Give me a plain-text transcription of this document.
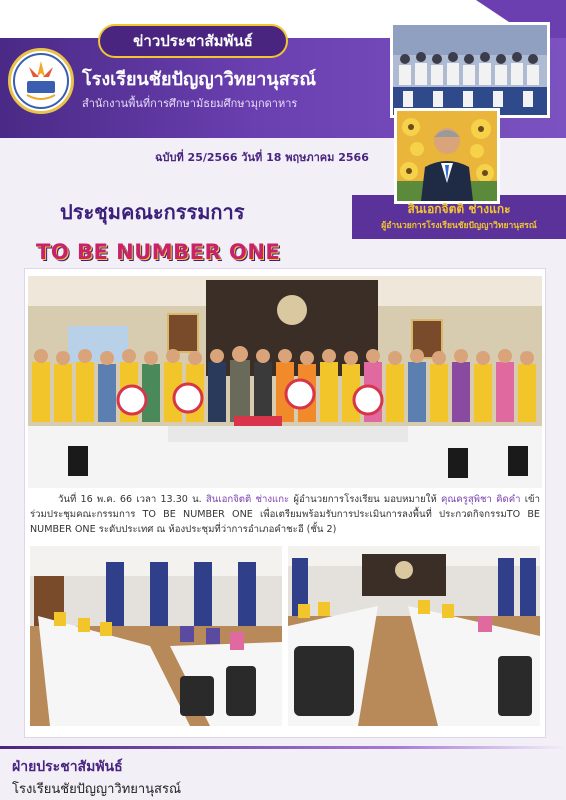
ข่าวประชาสัมพันธ์
โรงเรียนชัยปัญญาวิทยานุสรณ์
สำนักงานพื้นที่การศึกษามัธยมศึกษามุกดาหาร
ฉบับที่ 25/2566 วันที่ 18 พฤษภาคม 2566
สินเอกจิตติ ช่างแกะ
ผู้อำนวยการโรงเรียนชัยปัญญาวิทยานุสรณ์
ประชุมคณะกรรมการ
TO BE NUMBER ONE

วันที่ 16 พ.ค. 66 เวลา 13.30 น. สินเอกจิตติ ช่างแกะ ผู้อำนวยการโรงเรียน มอบหมายให้ คุณครูสุพิชา คิดคำ เข้าร่วมประชุมคณะกรรมการ TO BE NUMBER ONE เพื่อเตรียมพร้อมรับการประเมินการลงพื้นที่ ประกวดกิจกรรมTO BE NUMBER ONE ระดับประเทศ ณ ห้องประชุมที่ว่าการอำเภอคำชะอี (ชั้น 2)

ฝ่ายประชาสัมพันธ์
โรงเรียนชัยปัญญาวิทยานุสรณ์
